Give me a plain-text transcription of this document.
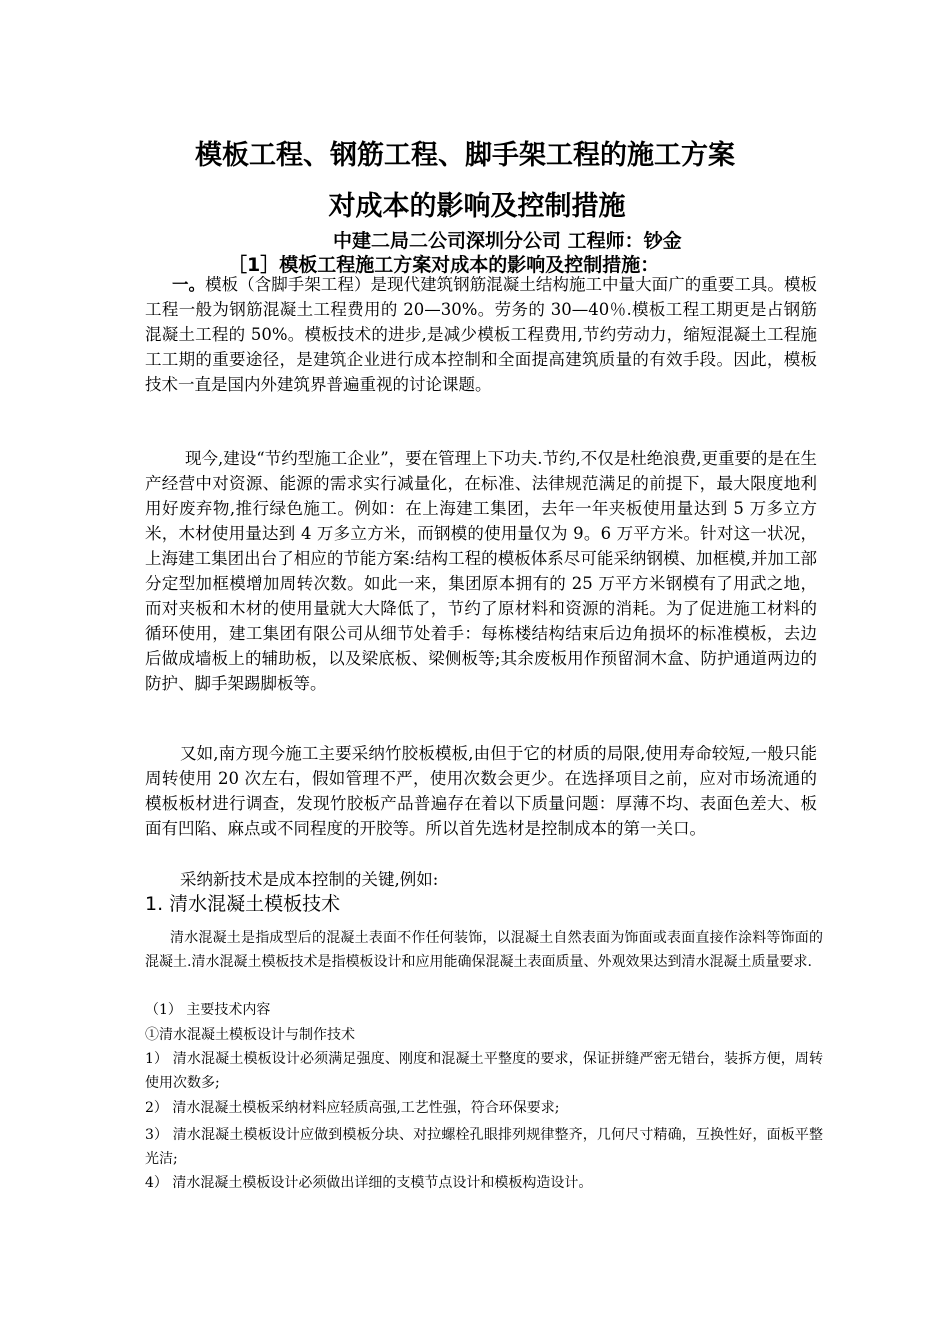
模板工程、钢筋工程、脚手架工程的施工方案
对成本的影响及控制措施
中建二局二公司深圳分公司 工程师：钞金
［1］模板工程施工方案对成本的影响及控制措施：
一。模板（含脚手架工程）是现代建筑钢筋混凝土结构施工中量大面广的重要工具。模板工程一般为钢筋混凝土工程费用的 20—30%。劳务的 30—40％.模板工程工期更是占钢筋混凝土工程的 50%。模板技术的进步,是减少模板工程费用,节约劳动力，缩短混凝土工程施工工期的重要途径，是建筑企业进行成本控制和全面提高建筑质量的有效手段。因此，模板技术一直是国内外建筑界普遍重视的讨论课题。
现今,建设“节约型施工企业”，要在管理上下功夫.节约,不仅是杜绝浪费,更重要的是在生产经营中对资源、能源的需求实行减量化，在标准、法律规范满足的前提下，最大限度地利用好废弃物,推行绿色施工。例如：在上海建工集团，去年一年夹板使用量达到 5 万多立方米，木材使用量达到 4 万多立方米，而钢模的使用量仅为 9。6 万平方米。针对这一状况，上海建工集团出台了相应的节能方案:结构工程的模板体系尽可能采纳钢模、加框模,并加工部分定型加框模增加周转次数。如此一来，集团原本拥有的 25 万平方米钢模有了用武之地，而对夹板和木材的使用量就大大降低了，节约了原材料和资源的消耗。为了促进施工材料的循环使用，建工集团有限公司从细节处着手：每栋楼结构结束后边角损坏的标准模板，去边后做成墙板上的辅助板，以及梁底板、梁侧板等;其余废板用作预留洞木盒、防护通道两边的防护、脚手架踢脚板等。
又如,南方现今施工主要采纳竹胶板模板,由但于它的材质的局限,使用寿命较短,一般只能周转使用 20 次左右，假如管理不严，使用次数会更少。在选择项目之前，应对市场流通的模板板材进行调查，发现竹胶板产品普遍存在着以下质量问题：厚薄不均、表面色差大、板面有凹陷、麻点或不同程度的开胶等。所以首先选材是控制成本的第一关口。
采纳新技术是成本控制的关键,例如:
1. 清水混凝土模板技术
清水混凝土是指成型后的混凝土表面不作任何装饰，以混凝土自然表面为饰面或表面直接作涂料等饰面的混凝土.清水混凝土模板技术是指模板设计和应用能确保混凝土表面质量、外观效果达到清水混凝土质量要求.
（1） 主要技术内容
①清水混凝土模板设计与制作技术
1） 清水混凝土模板设计必须满足强度、刚度和混凝土平整度的要求，保证拼缝严密无错台，装拆方便，周转使用次数多;
2） 清水混凝土模板采纳材料应轻质高强,工艺性强，符合环保要求;
3） 清水混凝土模板设计应做到模板分块、对拉螺栓孔眼排列规律整齐，几何尺寸精确，互换性好，面板平整光洁;
4） 清水混凝土模板设计必须做出详细的支模节点设计和模板构造设计。
